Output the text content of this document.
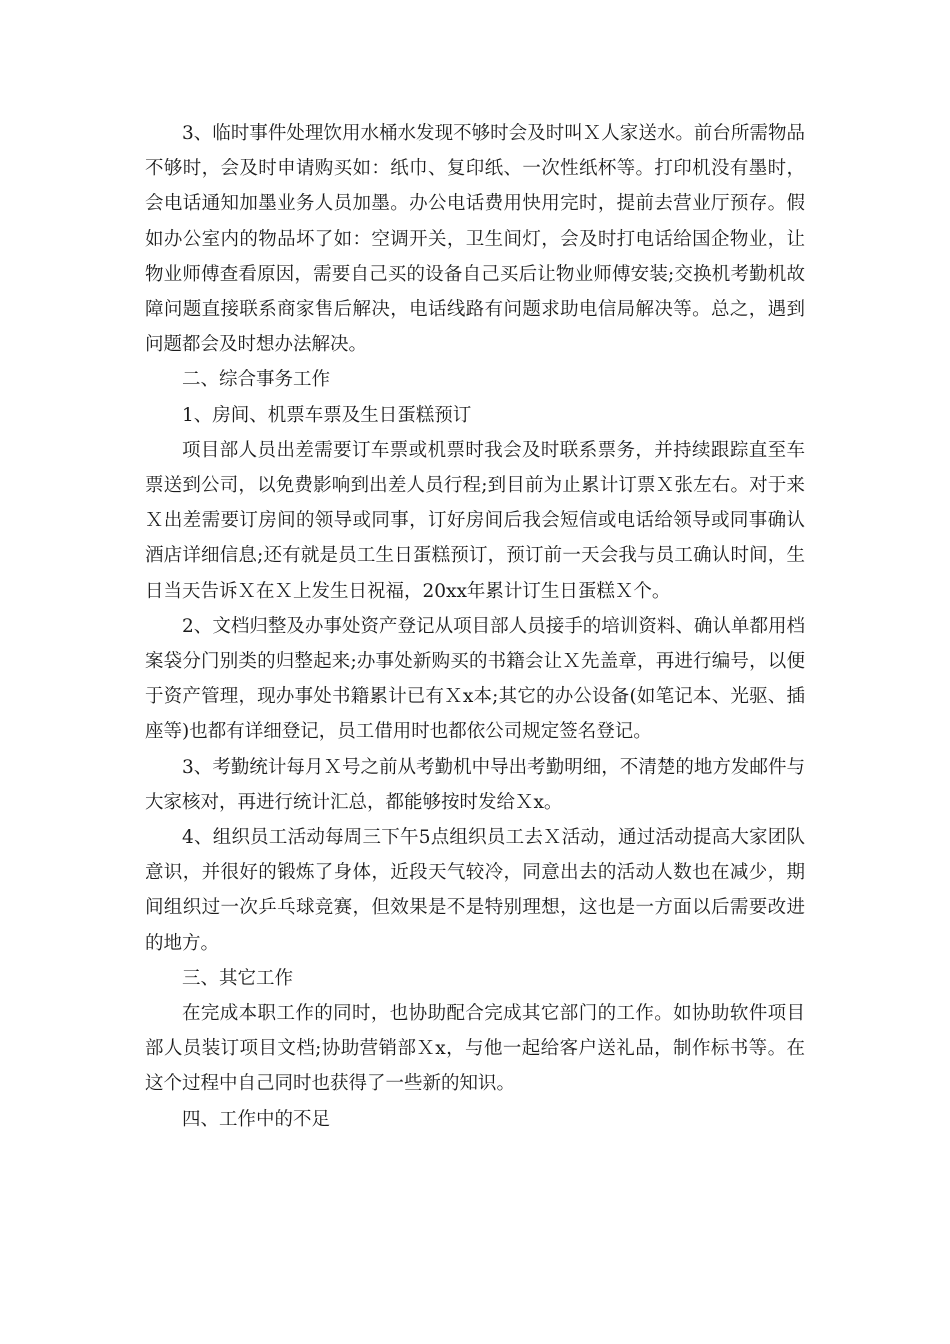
3、临时事件处理饮用水桶水发现不够时会及时叫Ｘ人家送水。前台所需物品不够时，会及时申请购买如：纸巾、复印纸、一次性纸杯等。打印机没有墨时，会电话通知加墨业务人员加墨。办公电话费用快用完时，提前去营业厅预存。假如办公室内的物品坏了如：空调开关，卫生间灯，会及时打电话给国企物业，让物业师傅查看原因，需要自己买的设备自己买后让物业师傅安装;交换机考勤机故障问题直接联系商家售后解决，电话线路有问题求助电信局解决等。总之，遇到问题都会及时想办法解决。

二、综合事务工作

1、房间、机票车票及生日蛋糕预订

项目部人员出差需要订车票或机票时我会及时联系票务，并持续跟踪直至车票送到公司，以免费影响到出差人员行程;到目前为止累计订票Ｘ张左右。对于来Ｘ出差需要订房间的领导或同事，订好房间后我会短信或电话给领导或同事确认酒店详细信息;还有就是员工生日蛋糕预订，预订前一天会我与员工确认时间，生日当天告诉Ｘ在Ｘ上发生日祝福，20xx年累计订生日蛋糕Ｘ个。

2、文档归整及办事处资产登记从项目部人员接手的培训资料、确认单都用档案袋分门别类的归整起来;办事处新购买的书籍会让Ｘ先盖章，再进行编号，以便于资产管理，现办事处书籍累计已有Ｘx本;其它的办公设备(如笔记本、光驱、插座等)也都有详细登记，员工借用时也都依公司规定签名登记。

3、考勤统计每月Ｘ号之前从考勤机中导出考勤明细，不清楚的地方发邮件与大家核对，再进行统计汇总，都能够按时发给Ｘx。

4、组织员工活动每周三下午5点组织员工去Ｘ活动，通过活动提高大家团队意识，并很好的锻炼了身体，近段天气较冷，同意出去的活动人数也在减少，期间组织过一次乒乓球竞赛，但效果是不是特别理想，这也是一方面以后需要改进的地方。

三、其它工作

在完成本职工作的同时，也协助配合完成其它部门的工作。如协助软件项目部人员装订项目文档;协助营销部Ｘx，与他一起给客户送礼品，制作标书等。在这个过程中自己同时也获得了一些新的知识。

四、工作中的不足
